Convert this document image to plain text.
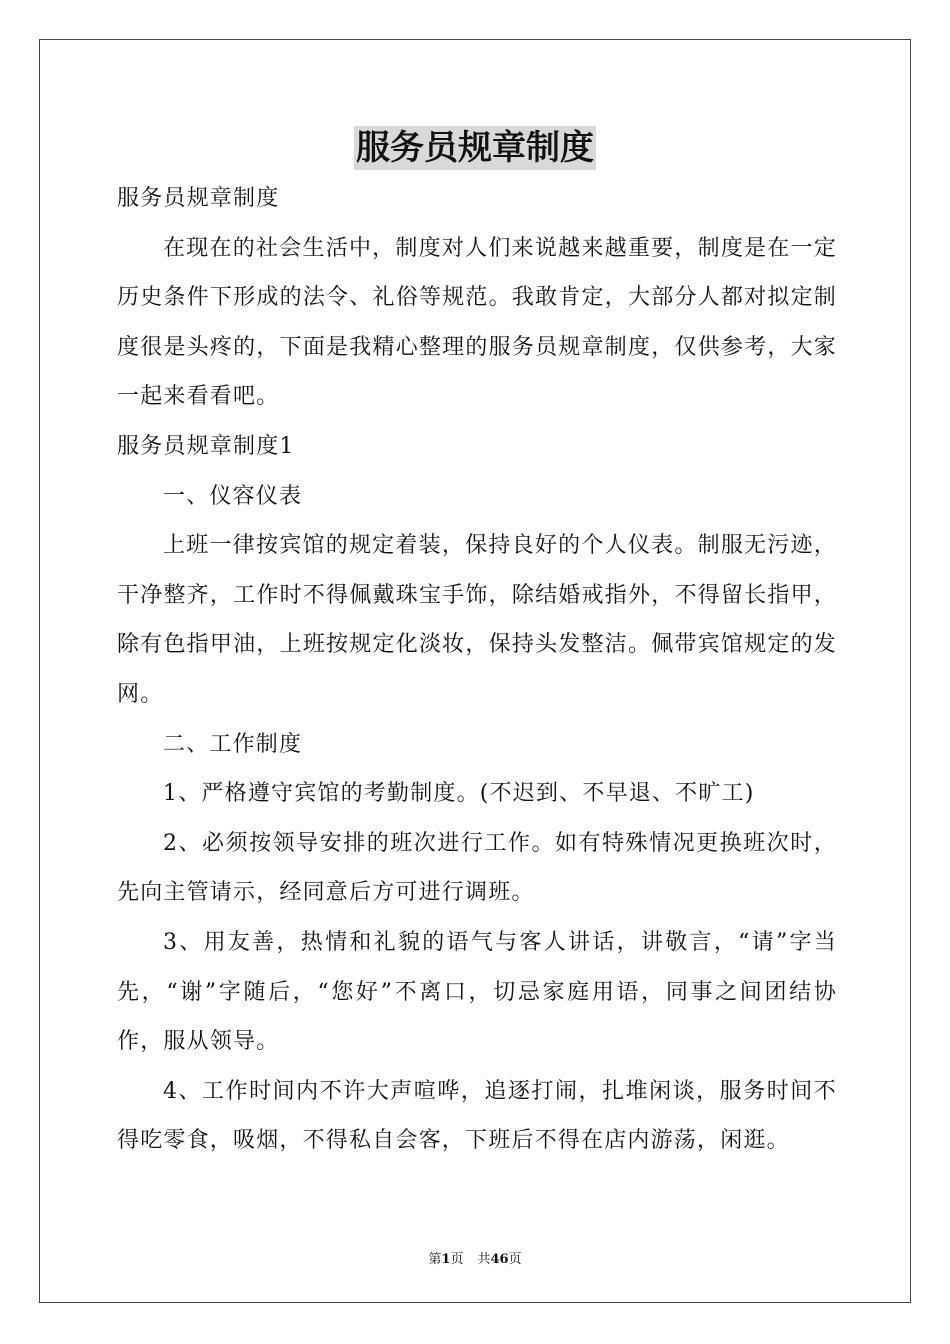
服务员规章制度

服务员规章制度

在现在的社会生活中，制度对人们来说越来越重要，制度是在一定历史条件下形成的法令、礼俗等规范。我敢肯定，大部分人都对拟定制度很是头疼的，下面是我精心整理的服务员规章制度，仅供参考，大家一起来看看吧。

服务员规章制度1

一、仪容仪表

上班一律按宾馆的规定着装，保持良好的个人仪表。制服无污迹，干净整齐，工作时不得佩戴珠宝手饰，除结婚戒指外，不得留长指甲，除有色指甲油，上班按规定化淡妆，保持头发整洁。佩带宾馆规定的发网。

二、工作制度

1、严格遵守宾馆的考勤制度。(不迟到、不早退、不旷工)

2、必须按领导安排的班次进行工作。如有特殊情况更换班次时，先向主管请示，经同意后方可进行调班。

3、用友善，热情和礼貌的语气与客人讲话，讲敬言，“请”字当先，“谢”字随后，“您好”不离口，切忌家庭用语，同事之间团结协作，服从领导。

4、工作时间内不许大声喧哗，追逐打闹，扎堆闲谈，服务时间不得吃零食，吸烟，不得私自会客，下班后不得在店内游荡，闲逛。

第1页 共46页
